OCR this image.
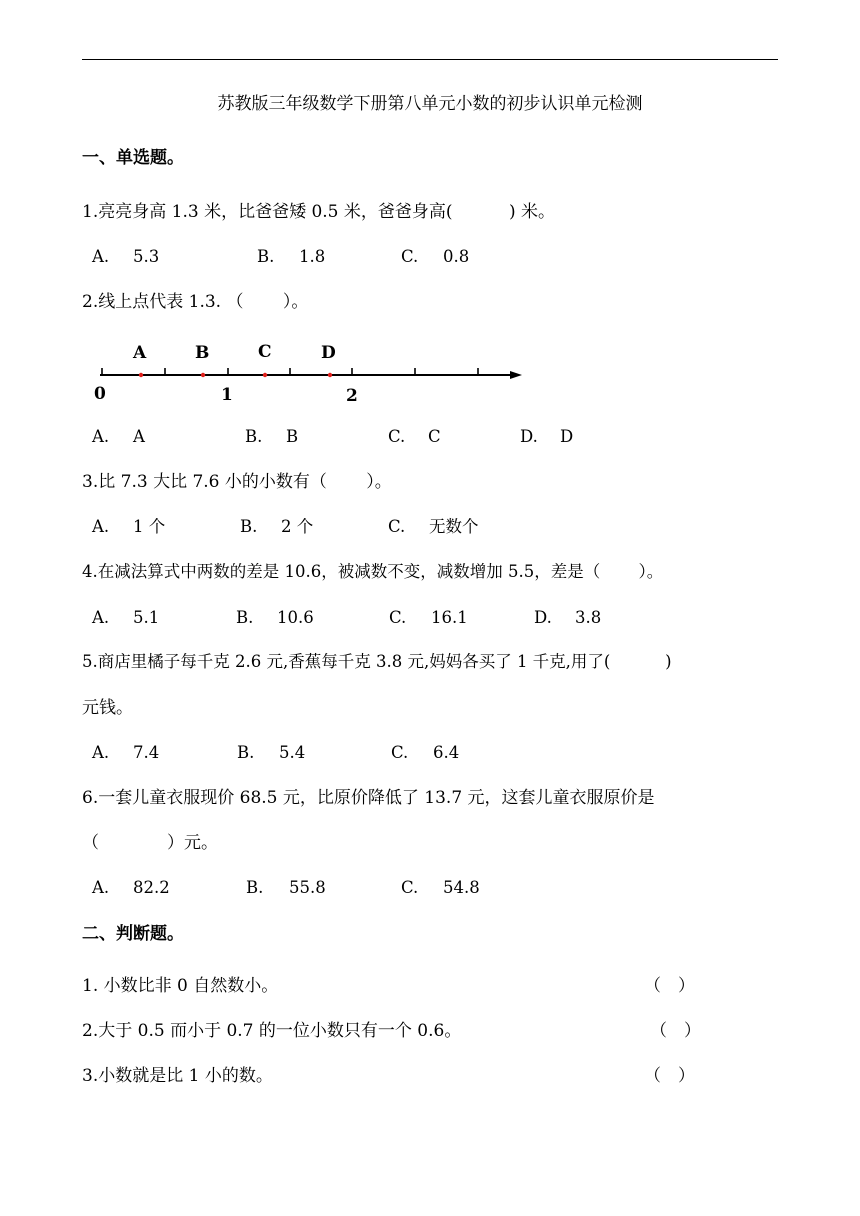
苏教版三年级数学下册第八单元小数的初步认识单元检测
一、单选题。
1.亮亮身高 1.3 米，比爸爸矮 0.5 米，爸爸身高(　　　 ) 米。
A. 5.3	B. 1.8	C. 0.8
2.线上点代表 1.3. （　　 ）。
A	B	C	D
0	1	2
A. A	B. B	C. C	D. D
3.比 7.3 大比 7.6 小的小数有（　　 ）。
A. 1 个	B. 2 个	C. 无数个
4.在减法算式中两数的差是 10.6，被减数不变，减数增加 5.5，差是（　　 ）。
A. 5.1	B. 10.6	C. 16.1	D. 3.8
5.商店里橘子每千克 2.6 元,香蕉每千克 3.8 元,妈妈各买了 1 千克,用了(　　　 )
元钱。
A. 7.4	B. 5.4	C. 6.4
6.一套儿童衣服现价 68.5 元，比原价降低了 13.7 元，这套儿童衣服原价是
（　　　　）元。
A. 82.2	B. 55.8	C. 54.8
二、判断题。
1. 小数比非 0 自然数小。	（　）
2.大于 0.5 而小于 0.7 的一位小数只有一个 0.6。	（　）
3.小数就是比 1 小的数。	（　）
